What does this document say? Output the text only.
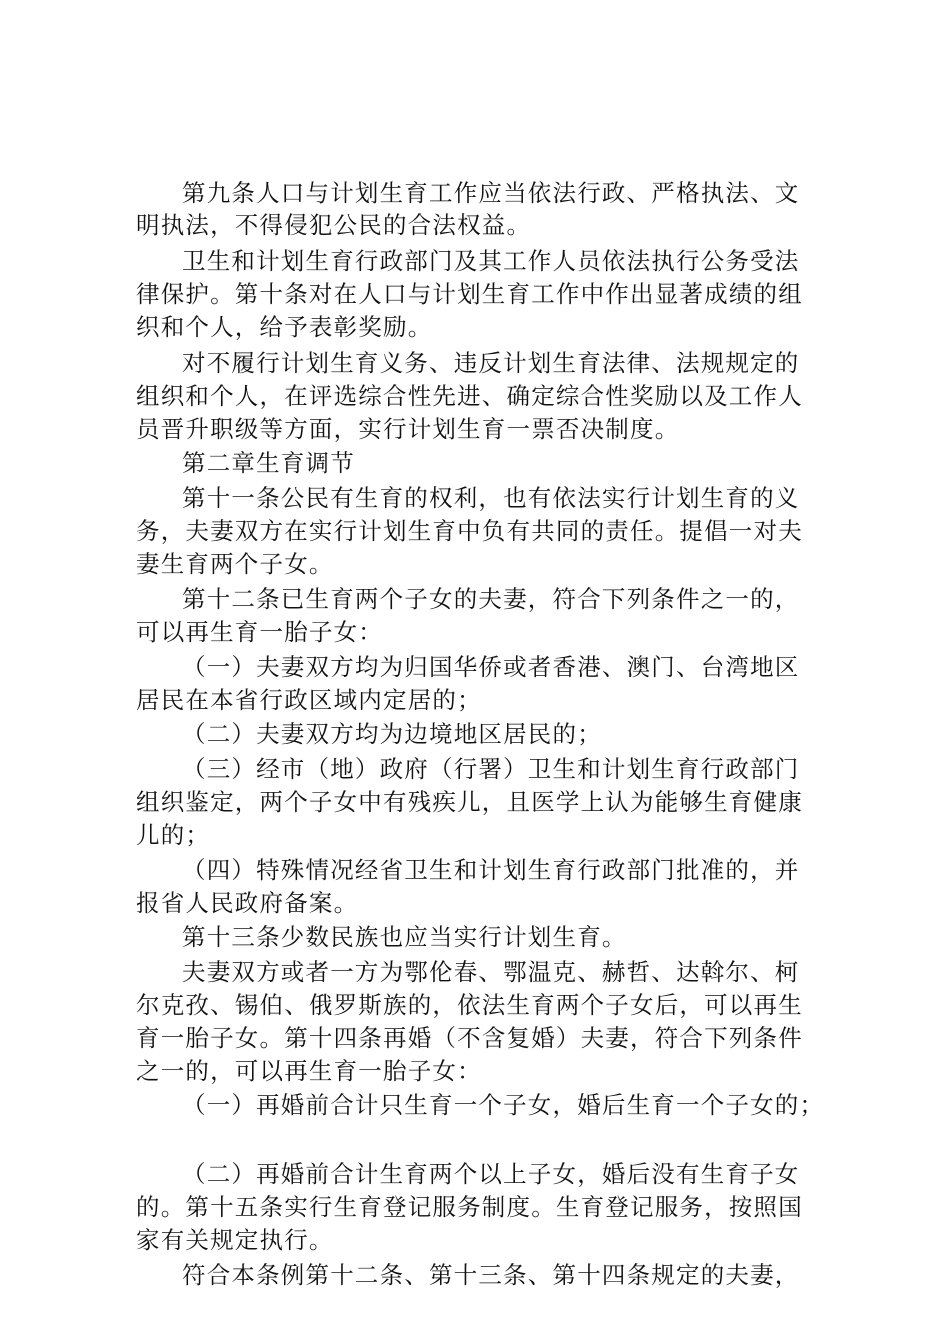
第九条人口与计划生育工作应当依法行政、严格执法、文
明执法，不得侵犯公民的合法权益。
卫生和计划生育行政部门及其工作人员依法执行公务受法
律保护。第十条对在人口与计划生育工作中作出显著成绩的组
织和个人，给予表彰奖励。
对不履行计划生育义务、违反计划生育法律、法规规定的
组织和个人，在评选综合性先进、确定综合性奖励以及工作人
员晋升职级等方面，实行计划生育一票否决制度。
第二章生育调节
第十一条公民有生育的权利，也有依法实行计划生育的义
务，夫妻双方在实行计划生育中负有共同的责任。提倡一对夫
妻生育两个子女。
第十二条已生育两个子女的夫妻，符合下列条件之一的，
可以再生育一胎子女：
（一）夫妻双方均为归国华侨或者香港、澳门、台湾地区
居民在本省行政区域内定居的；
（二）夫妻双方均为边境地区居民的；
（三）经市（地）政府（行署）卫生和计划生育行政部门
组织鉴定，两个子女中有残疾儿，且医学上认为能够生育健康
儿的；
（四）特殊情况经省卫生和计划生育行政部门批准的，并
报省人民政府备案。
第十三条少数民族也应当实行计划生育。
夫妻双方或者一方为鄂伦春、鄂温克、赫哲、达斡尔、柯
尔克孜、锡伯、俄罗斯族的，依法生育两个子女后，可以再生
育一胎子女。第十四条再婚（不含复婚）夫妻，符合下列条件
之一的，可以再生育一胎子女：
（一）再婚前合计只生育一个子女，婚后生育一个子女的；
（二）再婚前合计生育两个以上子女，婚后没有生育子女
的。第十五条实行生育登记服务制度。生育登记服务，按照国
家有关规定执行。
符合本条例第十二条、第十三条、第十四条规定的夫妻，
